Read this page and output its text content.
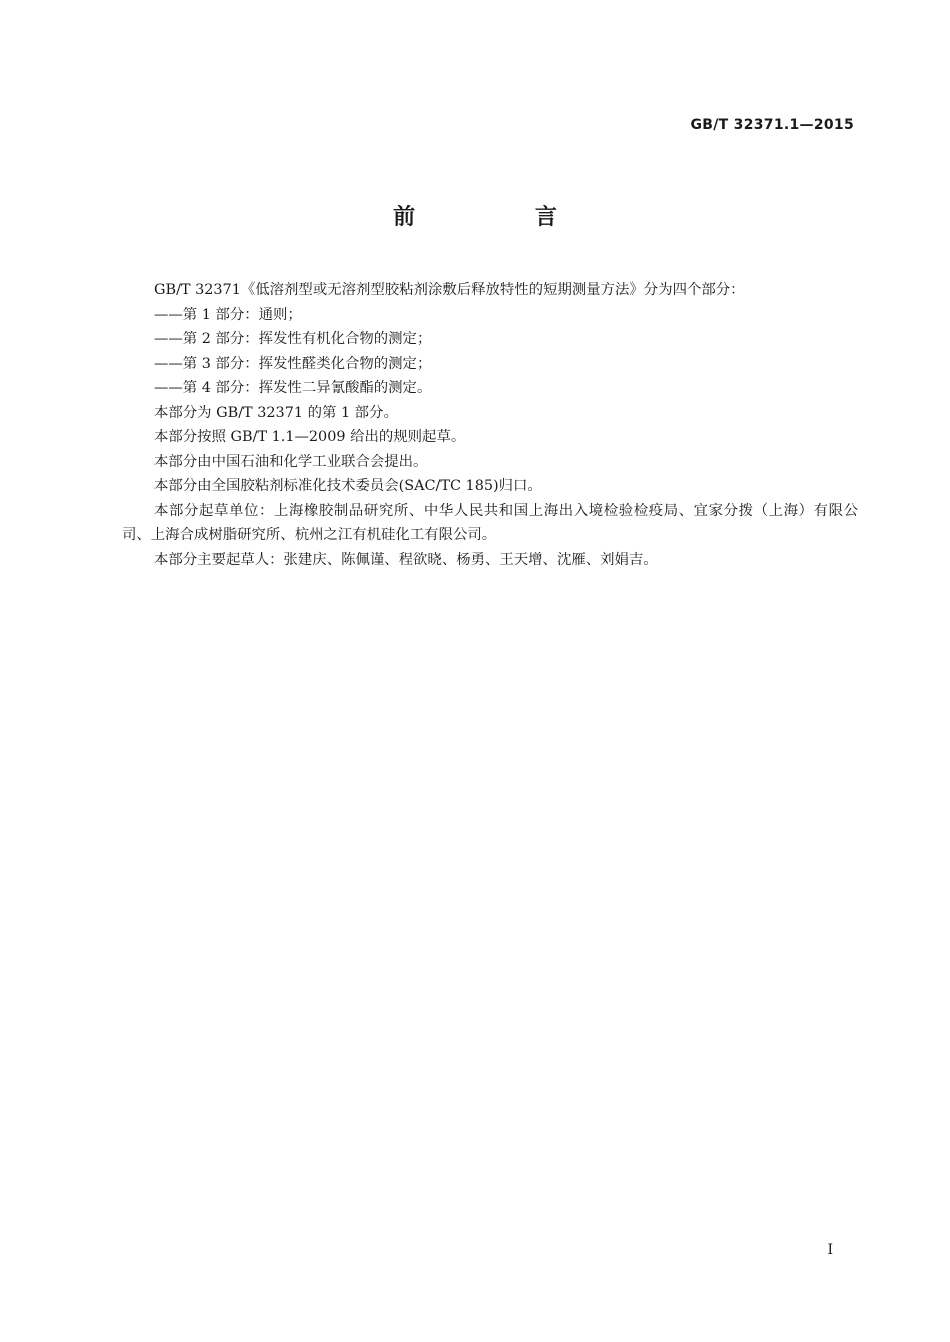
GB/T 32371.1—2015
前 言

GB/T 32371《低溶剂型或无溶剂型胶粘剂涂敷后释放特性的短期测量方法》分为四个部分：

——第 1 部分：通则；

——第 2 部分：挥发性有机化合物的测定；

——第 3 部分：挥发性醛类化合物的测定；

——第 4 部分：挥发性二异氰酸酯的测定。

本部分为 GB/T 32371 的第 1 部分。

本部分按照 GB/T 1.1—2009 给出的规则起草。

本部分由中国石油和化学工业联合会提出。

本部分由全国胶粘剂标准化技术委员会(SAC/TC 185)归口。

本部分起草单位：上海橡胶制品研究所、中华人民共和国上海出入境检验检疫局、宜家分拨（上海）有限公司、上海合成树脂研究所、杭州之江有机硅化工有限公司。

本部分主要起草人：张建庆、陈佩谨、程欲晓、杨勇、王天增、沈雁、刘娟吉。

I
